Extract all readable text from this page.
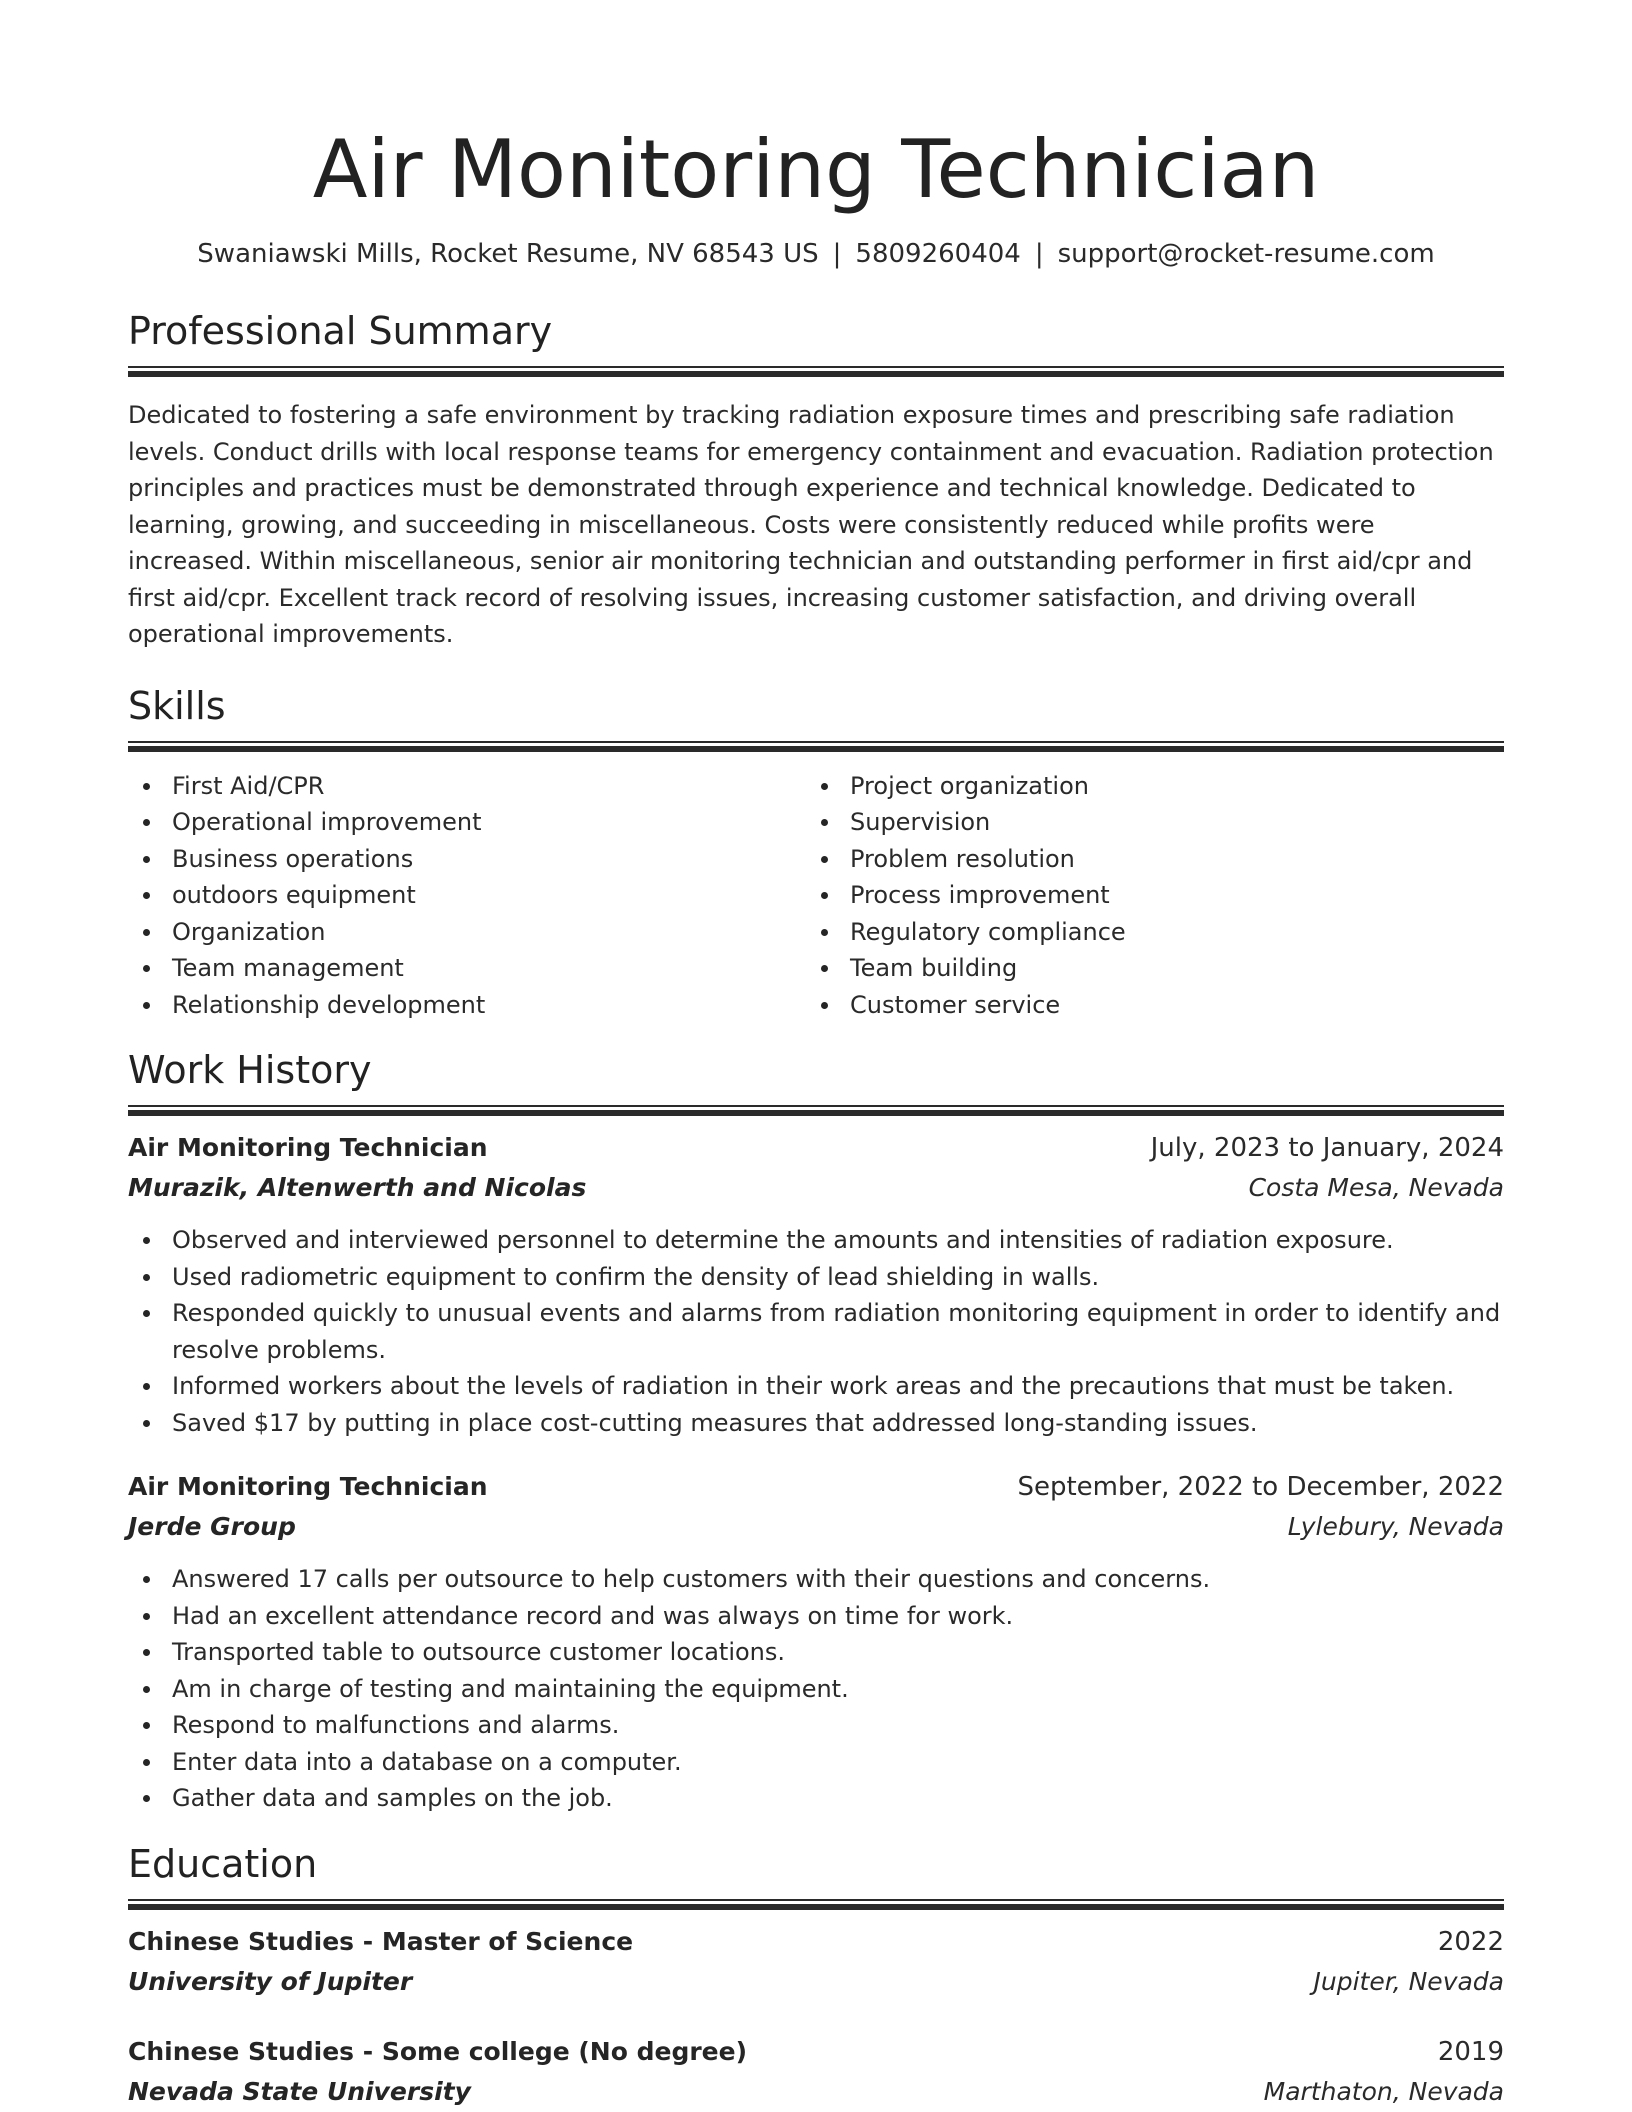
Air Monitoring Technician
Swaniawski Mills, Rocket Resume, NV 68543 US | 5809260404 | support@rocket-resume.com
Professional Summary

Dedicated to fostering a safe environment by tracking radiation exposure times and prescribing safe radiation levels. Conduct drills with local response teams for emergency containment and evacuation. Radiation protection principles and practices must be demonstrated through experience and technical knowledge. Dedicated to learning, growing, and succeeding in miscellaneous. Costs were consistently reduced while profits were increased. Within miscellaneous, senior air monitoring technician and outstanding performer in first aid/cpr and first aid/cpr. Excellent track record of resolving issues, increasing customer satisfaction, and driving overall operational improvements.

Skills
First Aid/CPR
Operational improvement
Business operations
outdoors equipment
Organization
Team management
Relationship development
Project organization
Supervision
Problem resolution
Process improvement
Regulatory compliance
Team building
Customer service
Work History
Air Monitoring Technician	July, 2023 to January, 2024
Murazik, Altenwerth and Nicolas	Costa Mesa, Nevada
Observed and interviewed personnel to determine the amounts and intensities of radiation exposure.
Used radiometric equipment to confirm the density of lead shielding in walls.
Responded quickly to unusual events and alarms from radiation monitoring equipment in order to identify and resolve problems.
Informed workers about the levels of radiation in their work areas and the precautions that must be taken.
Saved $17 by putting in place cost-cutting measures that addressed long-standing issues.
Air Monitoring Technician	September, 2022 to December, 2022
Jerde Group	Lylebury, Nevada
Answered 17 calls per outsource to help customers with their questions and concerns.
Had an excellent attendance record and was always on time for work.
Transported table to outsource customer locations.
Am in charge of testing and maintaining the equipment.
Respond to malfunctions and alarms.
Enter data into a database on a computer.
Gather data and samples on the job.
Education
Chinese Studies - Master of Science	2022
University of Jupiter	Jupiter, Nevada
Chinese Studies - Some college (No degree)	2019
Nevada State University	Marthaton, Nevada
